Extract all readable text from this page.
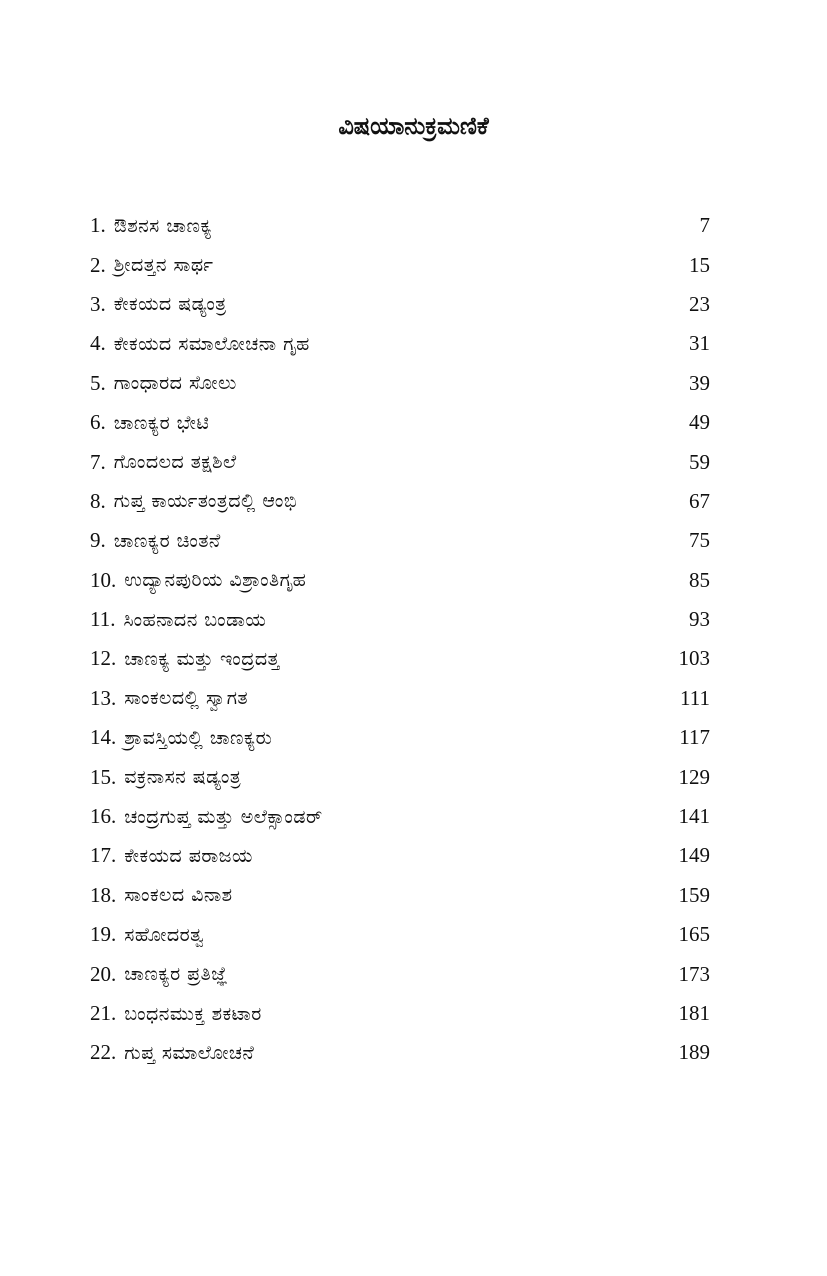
ವಿಷಯಾನುಕ್ರಮಣಿಕೆ
1. ಔಶನಸ ಚಾಣಕ್ಯ	7
2. ಶ್ರೀದತ್ತನ ಸಾರ್ಥ	15
3. ಕೇಕಯದ ಷಡ್ಯಂತ್ರ	23
4. ಕೇಕಯದ ಸಮಾಲೋಚನಾ ಗೃಹ	31
5. ಗಾಂಧಾರದ ಸೋಲು	39
6. ಚಾಣಕ್ಯರ ಭೇಟಿ	49
7. ಗೊಂದಲದ ತಕ್ಷಶಿಲೆ	59
8. ಗುಪ್ತ ಕಾರ್ಯತಂತ್ರದಲ್ಲಿ ಆಂಭಿ	67
9. ಚಾಣಕ್ಯರ ಚಿಂತನೆ	75
10. ಉದ್ಯಾನಪುರಿಯ ವಿಶ್ರಾಂತಿಗೃಹ	85
11. ಸಿಂಹನಾದನ ಬಂಡಾಯ	93
12. ಚಾಣಕ್ಯ ಮತ್ತು ಇಂದ್ರದತ್ತ	103
13. ಸಾಂಕಲದಲ್ಲಿ ಸ್ವಾಗತ	111
14. ಶ್ರಾವಸ್ತಿಯಲ್ಲಿ ಚಾಣಕ್ಯರು	117
15. ವಕ್ರನಾಸನ ಷಡ್ಯಂತ್ರ	129
16. ಚಂದ್ರಗುಪ್ತ ಮತ್ತು ಅಲೆಕ್ಸಾಂಡರ್	141
17. ಕೇಕಯದ ಪರಾಜಯ	149
18. ಸಾಂಕಲದ ವಿನಾಶ	159
19. ಸಹೋದರತ್ವ	165
20. ಚಾಣಕ್ಯರ ಪ್ರತಿಜ್ಞೆ	173
21. ಬಂಧನಮುಕ್ತ ಶಕಟಾರ	181
22. ಗುಪ್ತ ಸಮಾಲೋಚನೆ	189
